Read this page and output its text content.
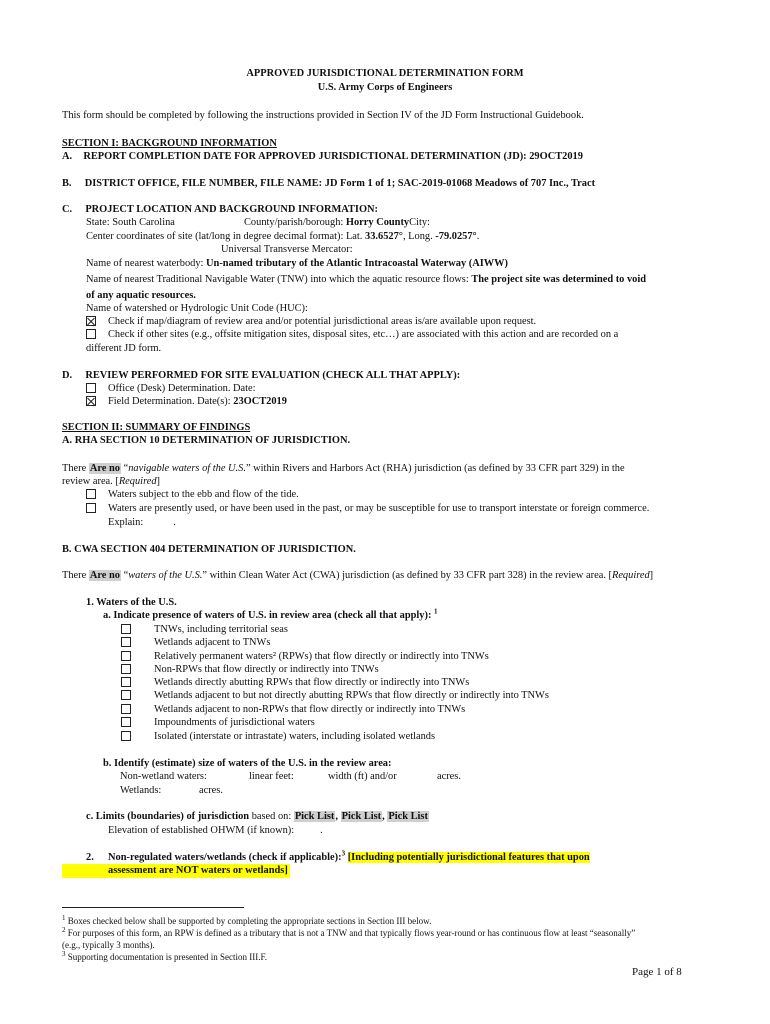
APPROVED JURISDICTIONAL DETERMINATION FORM
U.S. Army Corps of Engineers
This form should be completed by following the instructions provided in Section IV of the JD Form Instructional Guidebook.
SECTION I: BACKGROUND INFORMATION
A. REPORT COMPLETION DATE FOR APPROVED JURISDICTIONAL DETERMINATION (JD): 29OCT2019
B. DISTRICT OFFICE, FILE NUMBER, FILE NAME: JD Form 1 of 1; SAC-2019-01068 Meadows of 707 Inc., Tract
C. PROJECT LOCATION AND BACKGROUND INFORMATION:
State: South Carolina	County/parish/borough: Horry CountyCity:
Center coordinates of site (lat/long in degree decimal format): Lat. 33.6527°, Long. -79.0257°.
Universal Transverse Mercator:
Name of nearest waterbody: Un-named tributary of the Atlantic Intracoastal Waterway (AIWW)
Name of nearest Traditional Navigable Water (TNW) into which the aquatic resource flows: The project site was determined to void
of any aquatic resources.
Name of watershed or Hydrologic Unit Code (HUC):
Check if map/diagram of review area and/or potential jurisdictional areas is/are available upon request.
Check if other sites (e.g., offsite mitigation sites, disposal sites, etc…) are associated with this action and are recorded on a
different JD form.
D. REVIEW PERFORMED FOR SITE EVALUATION (CHECK ALL THAT APPLY):
Office (Desk) Determination. Date:
Field Determination. Date(s): 23OCT2019
SECTION II: SUMMARY OF FINDINGS
A. RHA SECTION 10 DETERMINATION OF JURISDICTION.
There Are no “navigable waters of the U.S.” within Rivers and Harbors Act (RHA) jurisdiction (as defined by 33 CFR part 329) in the
review area. [Required]
Waters subject to the ebb and flow of the tide.
Waters are presently used, or have been used in the past, or may be susceptible for use to transport interstate or foreign commerce.
Explain:	.
B. CWA SECTION 404 DETERMINATION OF JURISDICTION.
There Are no “waters of the U.S.” within Clean Water Act (CWA) jurisdiction (as defined by 33 CFR part 328) in the review area. [Required]
1. Waters of the U.S.
a. Indicate presence of waters of U.S. in review area (check all that apply): $^1$
TNWs, including territorial seas
Wetlands adjacent to TNWs
Relatively permanent waters² (RPWs) that flow directly or indirectly into TNWs
Non-RPWs that flow directly or indirectly into TNWs
Wetlands directly abutting RPWs that flow directly or indirectly into TNWs
Wetlands adjacent to but not directly abutting RPWs that flow directly or indirectly into TNWs
Wetlands adjacent to non-RPWs that flow directly or indirectly into TNWs
Impoundments of jurisdictional waters
Isolated (interstate or intrastate) waters, including isolated wetlands
b. Identify (estimate) size of waters of the U.S. in the review area:
Non-wetland waters:	linear feet:	width (ft) and/or	acres.
Wetlands:	acres.
c. Limits (boundaries) of jurisdiction based on: Pick List, Pick List, Pick List
Elevation of established OHWM (if known):	.
2. Non-regulated waters/wetlands (check if applicable):$^3$ [Including potentially jurisdictional features that upon
assessment are NOT waters or wetlands]
$^1$ Boxes checked below shall be supported by completing the appropriate sections in Section III below.
$^2$ For purposes of this form, an RPW is defined as a tributary that is not a TNW and that typically flows year-round or has continuous flow at least “seasonally”
(e.g., typically 3 months).
$^3$ Supporting documentation is presented in Section III.F.
Page 1 of 8
